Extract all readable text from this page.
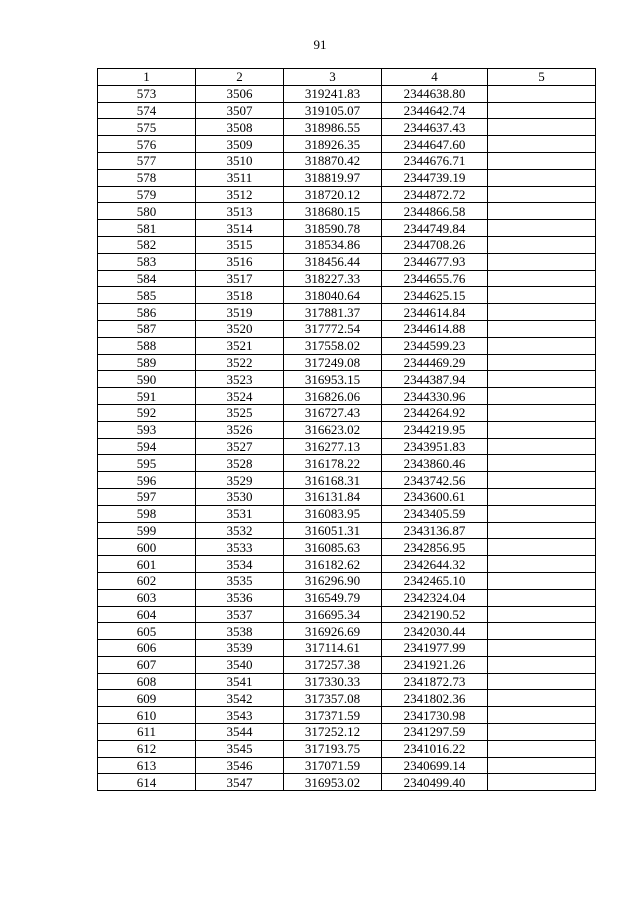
91
1	2	3	4	5
573	3506	319241.83	2344638.80	
574	3507	319105.07	2344642.74	
575	3508	318986.55	2344637.43	
576	3509	318926.35	2344647.60	
577	3510	318870.42	2344676.71	
578	3511	318819.97	2344739.19	
579	3512	318720.12	2344872.72	
580	3513	318680.15	2344866.58	
581	3514	318590.78	2344749.84	
582	3515	318534.86	2344708.26	
583	3516	318456.44	2344677.93	
584	3517	318227.33	2344655.76	
585	3518	318040.64	2344625.15	
586	3519	317881.37	2344614.84	
587	3520	317772.54	2344614.88	
588	3521	317558.02	2344599.23	
589	3522	317249.08	2344469.29	
590	3523	316953.15	2344387.94	
591	3524	316826.06	2344330.96	
592	3525	316727.43	2344264.92	
593	3526	316623.02	2344219.95	
594	3527	316277.13	2343951.83	
595	3528	316178.22	2343860.46	
596	3529	316168.31	2343742.56	
597	3530	316131.84	2343600.61	
598	3531	316083.95	2343405.59	
599	3532	316051.31	2343136.87	
600	3533	316085.63	2342856.95	
601	3534	316182.62	2342644.32	
602	3535	316296.90	2342465.10	
603	3536	316549.79	2342324.04	
604	3537	316695.34	2342190.52	
605	3538	316926.69	2342030.44	
606	3539	317114.61	2341977.99	
607	3540	317257.38	2341921.26	
608	3541	317330.33	2341872.73	
609	3542	317357.08	2341802.36	
610	3543	317371.59	2341730.98	
611	3544	317252.12	2341297.59	
612	3545	317193.75	2341016.22	
613	3546	317071.59	2340699.14	
614	3547	316953.02	2340499.40	
